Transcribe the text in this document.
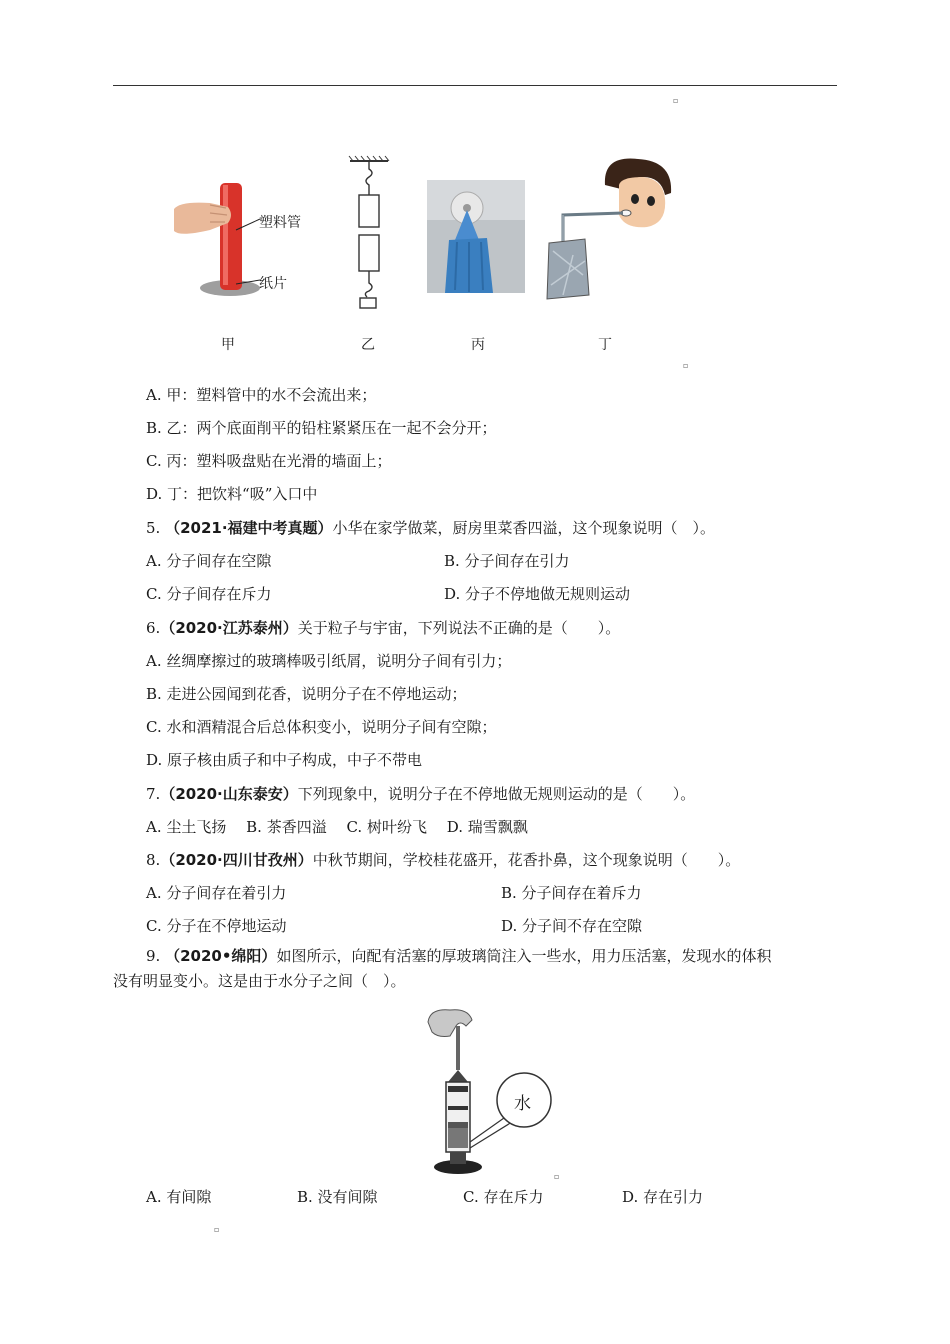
▫
塑料管
纸片
甲	乙	丙	丁
▫
A. 甲：塑料管中的水不会流出来；
B. 乙：两个底面削平的铅柱紧紧压在一起不会分开；
C. 丙：塑料吸盘贴在光滑的墙面上；
D. 丁：把饮料“吸”入口中
5. （2021·福建中考真题）小华在家学做菜，厨房里菜香四溢，这个现象说明（　）。
A. 分子间存在空隙	B. 分子间存在引力
C. 分子间存在斥力	D. 分子不停地做无规则运动
6.（2020·江苏泰州）关于粒子与宇宙，下列说法不正确的是（　　）。
A. 丝绸摩擦过的玻璃棒吸引纸屑，说明分子间有引力；
B. 走进公园闻到花香，说明分子在不停地运动；
C. 水和酒精混合后总体积变小，说明分子间有空隙；
D. 原子核由质子和中子构成，中子不带电
7.（2020·山东泰安）下列现象中，说明分子在不停地做无规则运动的是（　　）。
A. 尘土飞扬　 B. 茶香四溢　 C. 树叶纷飞　 D. 瑞雪飘飘
8.（2020·四川甘孜州）中秋节期间，学校桂花盛开，花香扑鼻，这个现象说明（　　）。
A. 分子间存在着引力	B. 分子间存在着斥力
C. 分子在不停地运动	D. 分子间不存在空隙
9. （2020•绵阳）如图所示，向配有活塞的厚玻璃筒注入一些水，用力压活塞，发现水的体积
没有明显变小。这是由于水分子之间（　）。
水
▫
A. 有间隙	B. 没有间隙	C. 存在斥力	D. 存在引力
▫
